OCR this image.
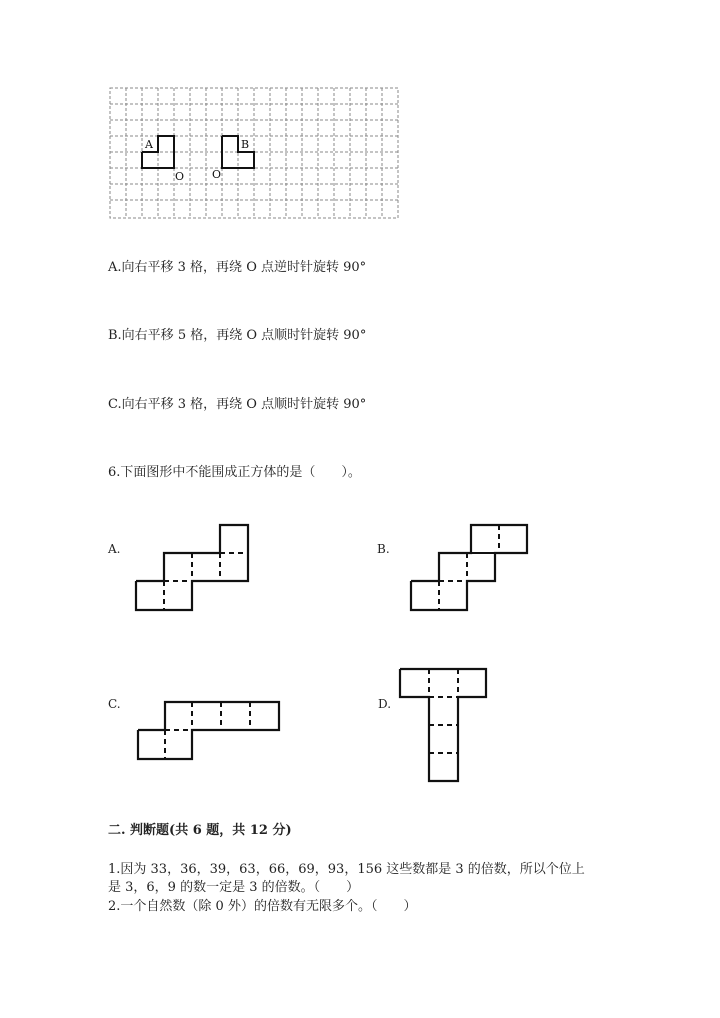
A	B
O	O
A.向右平移 3 格，再绕 O 点逆时针旋转 90°
B.向右平移 5 格，再绕 O 点顺时针旋转 90°
C.向右平移 3 格，再绕 O 点顺时针旋转 90°
6.下面图形中不能围成正方体的是（　　）。
A.	B.
C.	D.
二. 判断题(共 6 题，共 12 分)
1.因为 33，36，39，63，66，69，93，156 这些数都是 3 的倍数，所以个位上
是 3，6，9 的数一定是 3 的倍数。（　　）
2.一个自然数（除 0 外）的倍数有无限多个。（　　）
